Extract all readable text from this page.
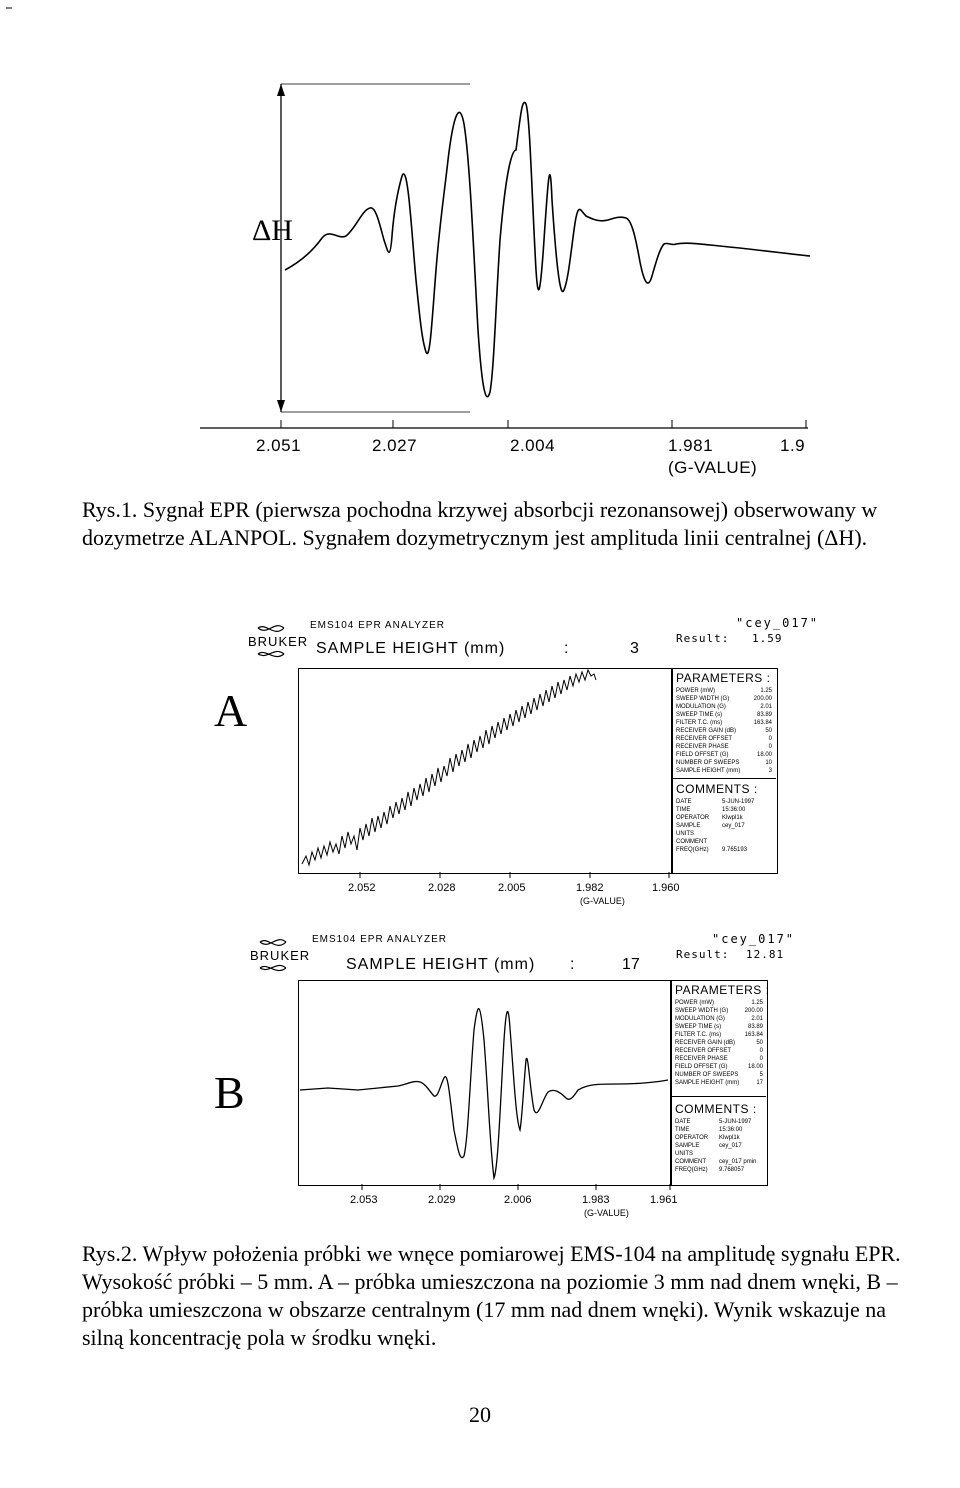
ΔH
2.051	2.027	2.004	1.981	1.9
(G-VALUE)
Rys.1. Sygnał EPR (pierwsza pochodna krzywej absorbcji rezonansowej) obserwowany w dozymetrze ALANPOL. Sygnałem dozymetrycznym jest amplituda linii centralnej (ΔH).
A
BRUKER
EMS104 EPR ANALYZER
SAMPLE HEIGHT (mm)	:	3
"cey_017"
Result: 1.59
PARAMETERS :
POWER (mW)	1.25
SWEEP WIDTH (G)	200.00
MODULATION (G)	2.01
SWEEP TIME (s)	83.89
FILTER T.C. (ms)	163.84
RECEIVER GAIN (dB)	50
RECEIVER OFFSET	0
RECEIVER PHASE	0
FIELD OFFSET (G)	18.00
NUMBER OF SWEEPS	10
SAMPLE HEIGHT (mm)	3
COMMENTS :
DATE	5-JUN-1997
TIME	15:36:00
OPERATOR Klwpl1k
SAMPLE	cey_017
UNITS
COMMENT
FREQ(GHz) 9.765193
2.052	2.028	2.005	1.982	1.960
(G-VALUE)
B
BRUKER
EMS104 EPR ANALYZER
SAMPLE HEIGHT (mm) :	17
"cey_017"
Result: 12.81
PARAMETERS :
POWER (mW)	1.25
SWEEP WIDTH (G)	200.00
MODULATION (G)	2.01
SWEEP TIME (s)	83.89
FILTER T.C. (ms)	163.84
RECEIVER GAIN (dB)	50
RECEIVER OFFSET	0
RECEIVER PHASE	0
FIELD OFFSET (G)	18.00
NUMBER OF SWEEPS	5
SAMPLE HEIGHT (mm)	17
COMMENTS :
DATE	5-JUN-1997
TIME	15:36:00
OPERATOR Klwpl1k
SAMPLE	cey_017
UNITS
COMMENT	cey_017 pmin
FREQ(GHz) 9.768057
2.053	2.029	2.006	1.983	1.961
(G-VALUE)
Rys.2. Wpływ położenia próbki we wnęce pomiarowej EMS-104 na amplitudę sygnału EPR. Wysokość próbki – 5 mm. A – próbka umieszczona na poziomie 3 mm nad dnem wnęki, B – próbka umieszczona w obszarze centralnym (17 mm nad dnem wnęki). Wynik wskazuje na silną koncentrację pola w środku wnęki.
20
